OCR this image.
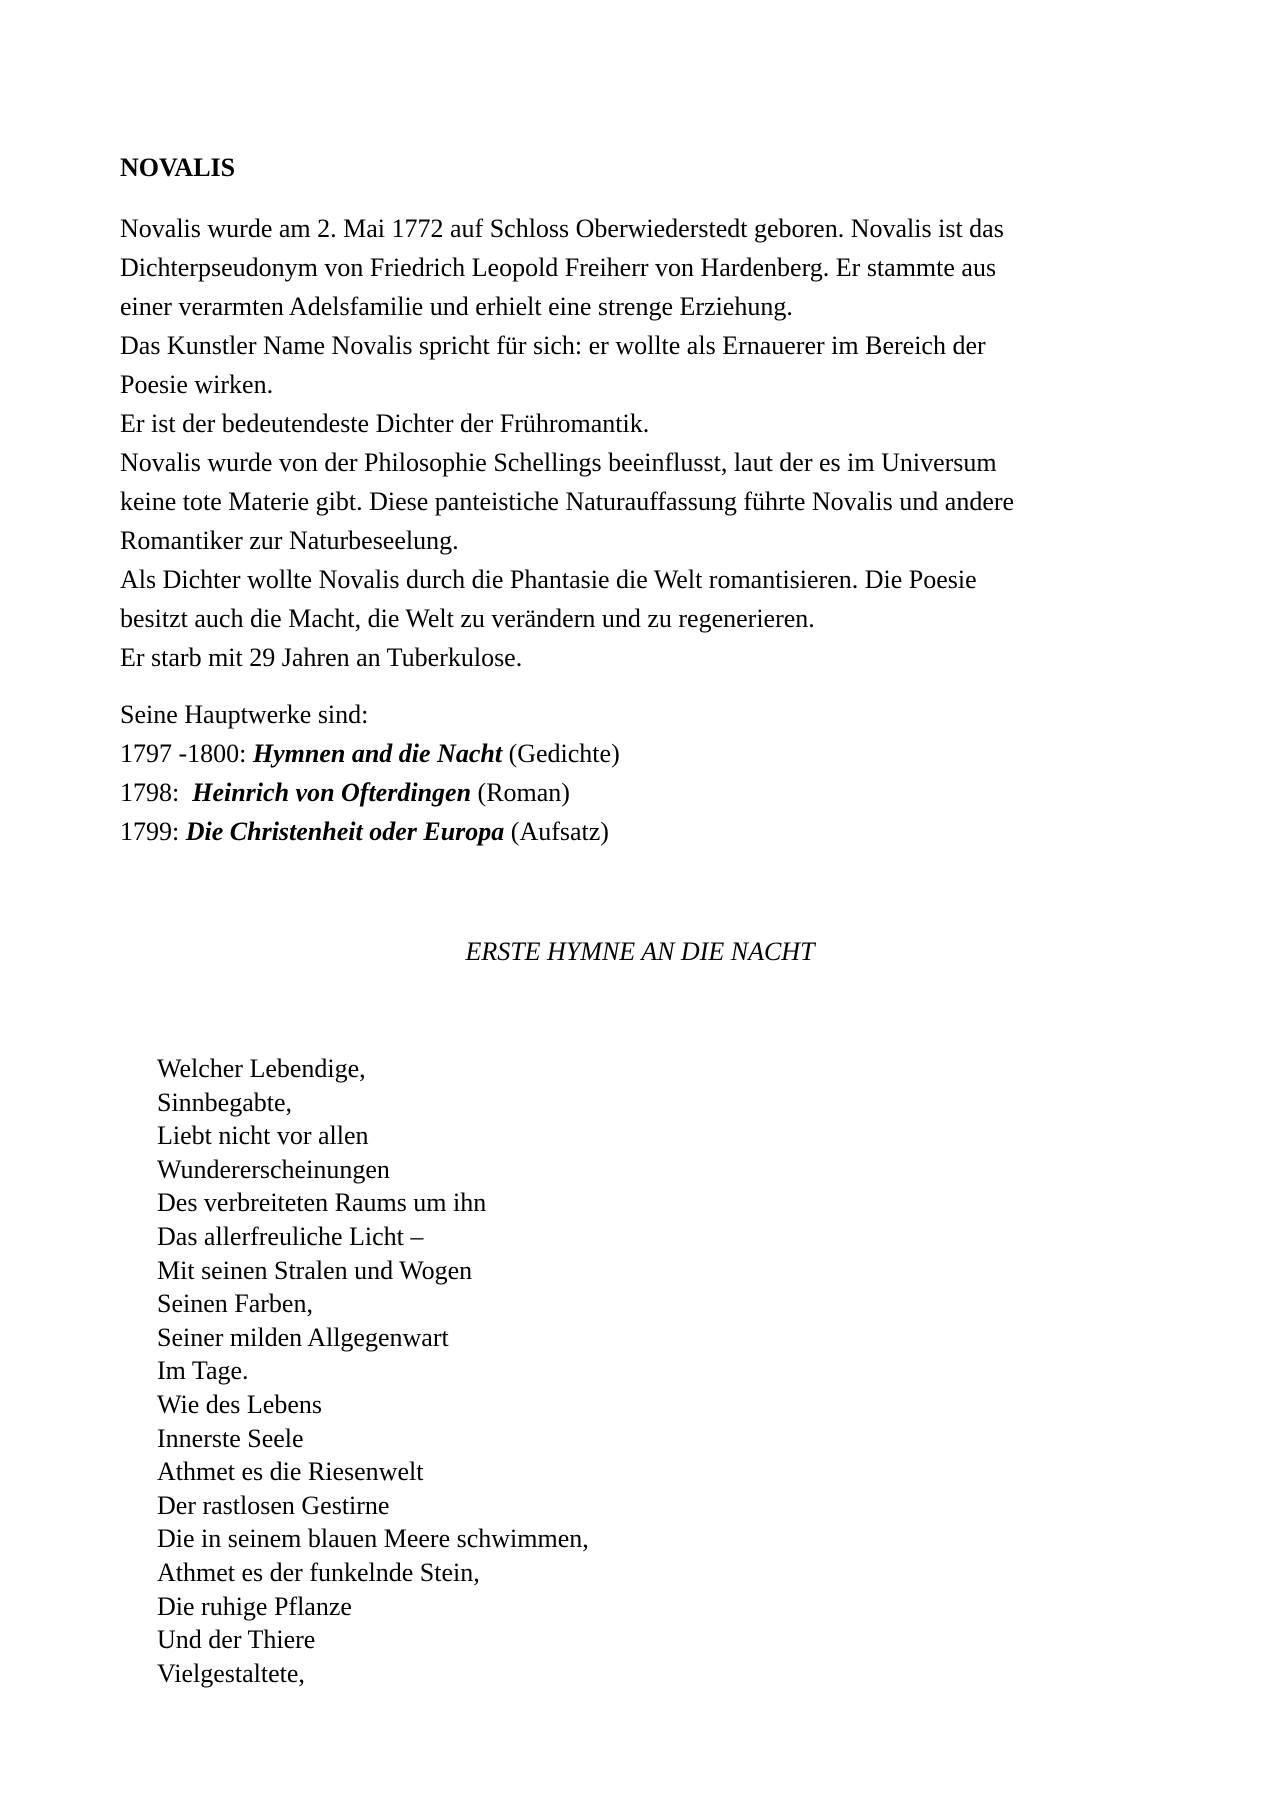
NOVALIS

Novalis wurde am 2. Mai 1772 auf Schloss Oberwiederstedt geboren. Novalis ist das

Dichterpseudonym von Friedrich Leopold Freiherr von Hardenberg. Er stammte aus

einer verarmten Adelsfamilie und erhielt eine strenge Erziehung.

Das Kunstler Name Novalis spricht für sich: er wollte als Ernauerer im Bereich der

Poesie wirken.

Er ist der bedeutendeste Dichter der Frühromantik.

Novalis wurde von der Philosophie Schellings beeinflusst, laut der es im Universum

keine tote Materie gibt. Diese panteistiche Naturauffassung führte Novalis und andere

Romantiker zur Naturbeseelung.

Als Dichter wollte Novalis durch die Phantasie die Welt romantisieren. Die Poesie

besitzt auch die Macht, die Welt zu verändern und zu regenerieren.

Er starb mit 29 Jahren an Tuberkulose.

Seine Hauptwerke sind:

1797 -1800: Hymnen and die Nacht (Gedichte)

1798: Heinrich von Ofterdingen (Roman)

1799: Die Christenheit oder Europa (Aufsatz)

ERSTE HYMNE AN DIE NACHT

Welcher Lebendige,

Sinnbegabte,

Liebt nicht vor allen

Wundererscheinungen

Des verbreiteten Raums um ihn

Das allerfreuliche Licht –

Mit seinen Stralen und Wogen

Seinen Farben,

Seiner milden Allgegenwart

Im Tage.

Wie des Lebens

Innerste Seele

Athmet es die Riesenwelt

Der rastlosen Gestirne

Die in seinem blauen Meere schwimmen,

Athmet es der funkelnde Stein,

Die ruhige Pflanze

Und der Thiere

Vielgestaltete,
